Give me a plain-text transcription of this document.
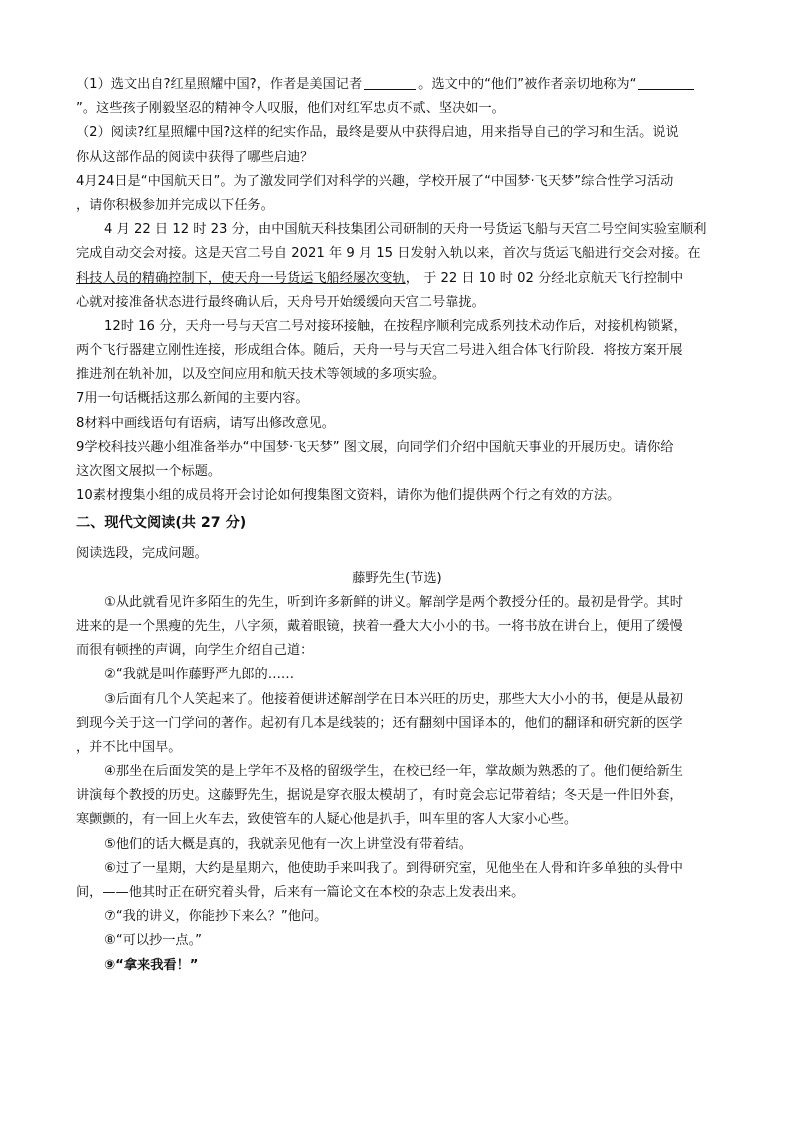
（1）选文出自?红星照耀中国?，作者是美国记者	。选文中的“他们”被作者亲切地称为“
”。这些孩子刚毅坚忍的精神令人叹服，他们对红军忠贞不贰、坚决如一。
（2）阅读?红星照耀中国?这样的纪实作品，最终是要从中获得启迪，用来指导自己的学习和生活。说说
你从这部作品的阅读中获得了哪些启迪？
4月24日是“中国航天日”。为了激发同学们对科学的兴趣，学校开展了“中国梦·飞天梦”综合性学习活动
，请你积极参加并完成以下任务。
4 月 22 日 12 时 23 分，由中国航天科技集团公司研制的天舟一号货运飞船与天宫二号空间实验室顺利
完成自动交会对接。这是天宫二号自 2021 年 9 月 15 日发射入轨以来，首次与货运飞船进行交会对接。在
科技人员的精确控制下，使天舟一号货运飞船经屡次变轨， 于 22 日 10 时 02 分经北京航天飞行控制中
心就对接准备状态进行最终确认后，天舟号开始缓缓向天宫二号靠拢。
12时 16 分，天舟一号与天宫二号对接环接触，在按程序顺利完成系列技术动作后，对接机构锁紧，
两个飞行器建立刚性连接，形成组合体。随后，天舟一号与天宫二号进入组合体飞行阶段．将按方案开展
推进剂在轨补加，以及空间应用和航天技术等领域的多项实验。
7用一句话概括这那么新闻的主要内容。
8材料中画线语句有语病，请写出修改意见。
9学校科技兴趣小组准备举办“中国梦·飞天梦” 图文展，向同学们介绍中国航天事业的开展历史。请你给
这次图文展拟一个标题。
10素材搜集小组的成员将开会讨论如何搜集图文资料，请你为他们提供两个行之有效的方法。
二、现代文阅读(共 27 分)
阅读选段，完成问题。
藤野先生(节选)
①从此就看见许多陌生的先生，听到许多新鲜的讲义。解剖学是两个教授分任的。最初是骨学。其时
进来的是一个黑瘦的先生，八字须，戴着眼镜，挟着一叠大大小小的书。一将书放在讲台上，便用了缓慢
而很有顿挫的声调，向学生介绍自己道：
②“我就是叫作藤野严九郎的……
③后面有几个人笑起来了。他接着便讲述解剖学在日本兴旺的历史，那些大大小小的书，便是从最初
到现今关于这一门学问的著作。起初有几本是线装的；还有翻刻中国译本的，他们的翻译和研究新的医学
，并不比中国早。
④那坐在后面发笑的是上学年不及格的留级学生，在校已经一年，掌故颇为熟悉的了。他们便给新生
讲演每个教授的历史。这藤野先生，据说是穿衣服太模胡了，有时竟会忘记带着结；冬天是一件旧外套，
寒颤颤的，有一回上火车去，致使管车的人疑心他是扒手，叫车里的客人大家小心些。
⑤他们的话大概是真的，我就亲见他有一次上讲堂没有带着结。
⑥过了一星期，大约是星期六，他使助手来叫我了。到得研究室，见他坐在人骨和许多单独的头骨中
间，——他其时正在研究着头骨，后来有一篇论文在本校的杂志上发表出来。
⑦“我的讲义，你能抄下来么？”他问。
⑧“可以抄一点。”
⑨“拿来我看！”
